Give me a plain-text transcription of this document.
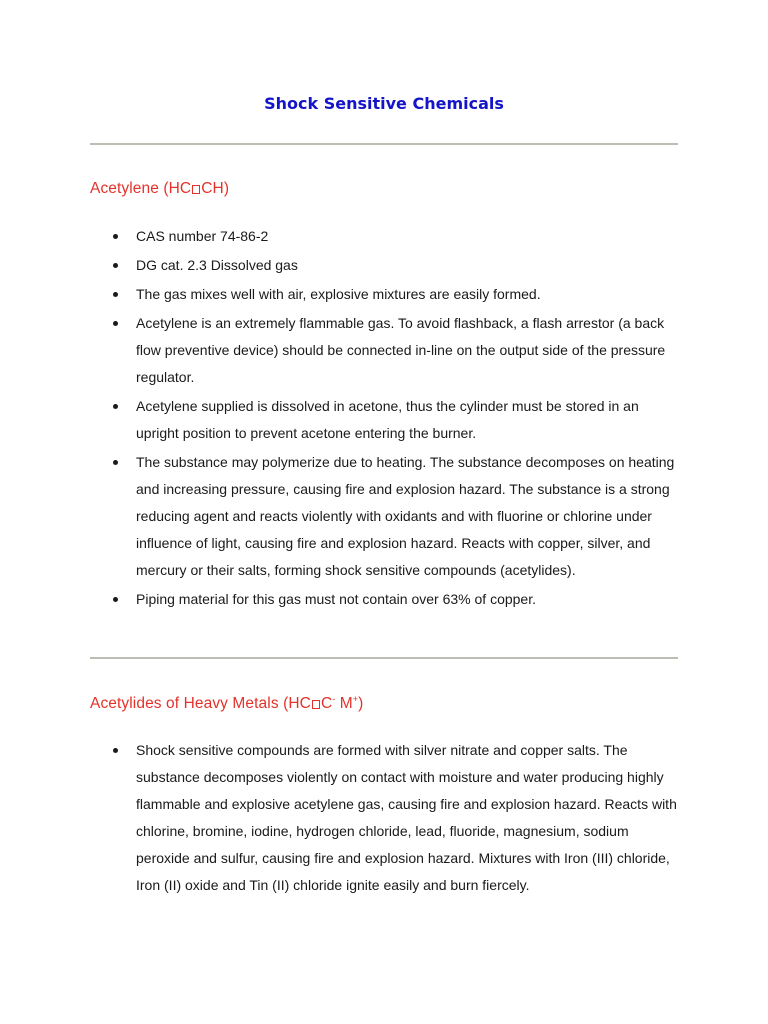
Shock Sensitive Chemicals
Acetylene (HC CH)
CAS number 74-86-2
DG cat. 2.3 Dissolved gas
The gas mixes well with air, explosive mixtures are easily formed.
Acetylene is an extremely flammable gas. To avoid flashback, a flash arrestor (a back flow preventive device) should be connected in-line on the output side of the pressure regulator.
Acetylene supplied is dissolved in acetone, thus the cylinder must be stored in an upright position to prevent acetone entering the burner.
The substance may polymerize due to heating. The substance decomposes on heating and increasing pressure, causing fire and explosion hazard. The substance is a strong reducing agent and reacts violently with oxidants and with fluorine or chlorine under influence of light, causing fire and explosion hazard. Reacts with copper, silver, and mercury or their salts, forming shock sensitive compounds (acetylides).
Piping material for this gas must not contain over 63% of copper.
Acetylides of Heavy Metals (HC C- M+)
Shock sensitive compounds are formed with silver nitrate and copper salts. The substance decomposes violently on contact with moisture and water producing highly flammable and explosive acetylene gas, causing fire and explosion hazard. Reacts with chlorine, bromine, iodine, hydrogen chloride, lead, fluoride, magnesium, sodium peroxide and sulfur, causing fire and explosion hazard. Mixtures with Iron (III) chloride, Iron (II) oxide and Tin (II) chloride ignite easily and burn fiercely.
